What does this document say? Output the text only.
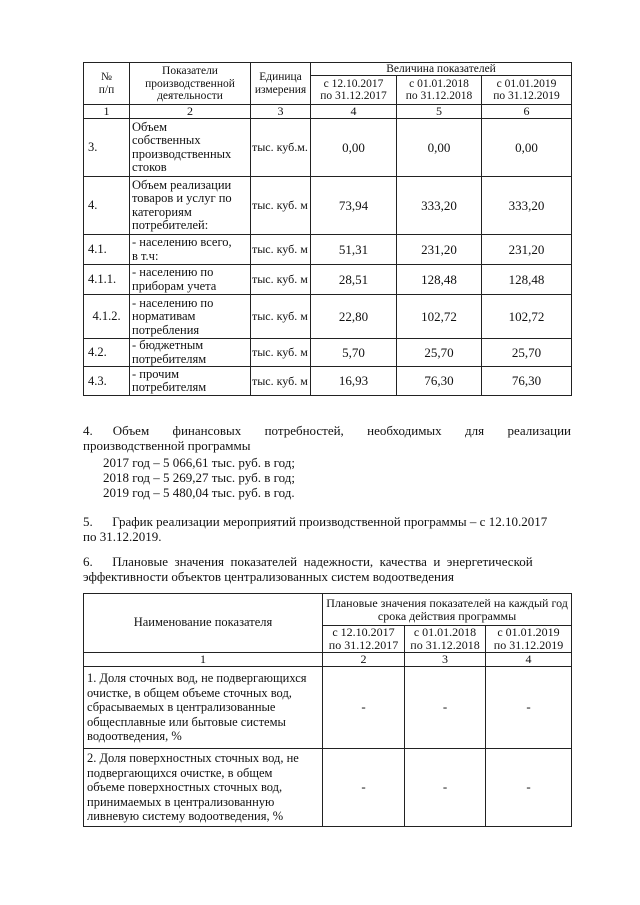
№
п/п	Показатели
производственной
деятельности	Единица
измерения	Величина показателей		
			с 12.10.2017
по 31.12.2017	с 01.01.2018
по 31.12.2018	с 01.01.2019
по 31.12.2019
1	2	3	4	5	6
3.	Объем
собственных
производственных
стоков	тыс. куб.м.	0,00	0,00	0,00
4.	Объем реализации
товаров и услуг по
категориям
потребителей:	тыс. куб. м	73,94	333,20	333,20
4.1.	- населению всего,
в т.ч:	тыс. куб. м	51,31	231,20	231,20
4.1.1.	- населению по
приборам учета	тыс. куб. м	28,51	128,48	128,48
4.1.2.	- населению по
нормативам
потребления	тыс. куб. м	22,80	102,72	102,72
4.2.	- бюджетным
потребителям	тыс. куб. м	5,70	25,70	25,70
4.3.	- прочим
потребителям	тыс. куб. м	16,93	76,30	76,30
4.      Объем       финансовых       потребностей,       необходимых       для       реализации
производственной программы
2017 год – 5 066,61 тыс. руб. в год;
2018 год – 5 269,27 тыс. руб. в год;
2019 год – 5 480,04 тыс. руб. в год.
5.      График реализации мероприятий производственной программы – с 12.10.2017
по 31.12.2019.
6.      Плановые  значения  показателей  надежности,  качества  и  энергетической
эффективности объектов централизованных систем водоотведения
Наименование показателя	Плановые значения показателей на каждый год
срока действия программы		
	с 12.10.2017
по 31.12.2017	с 01.01.2018
по 31.12.2018	с 01.01.2019
по 31.12.2019
1	2	3	4
1. Доля сточных вод, не подвергающихся
очистке, в общем объеме сточных вод,
сбрасываемых в централизованные
общесплавные или бытовые системы
водоотведения, %	-	-	-
2. Доля поверхностных сточных вод, не
подвергающихся очистке, в общем
объеме поверхностных сточных вод,
принимаемых в централизованную
ливневую систему водоотведения, %	-	-	-
